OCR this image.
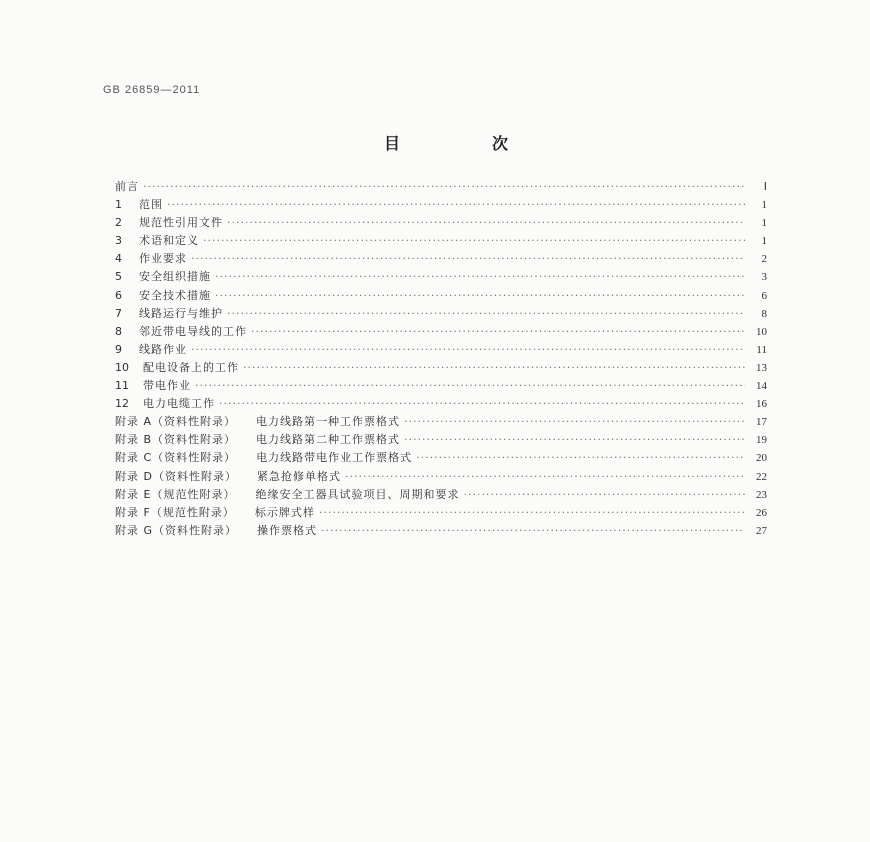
GB 26859—2011
目　次
前言 ·····	Ⅰ
1	范围 ·····	1
2	规范性引用文件 ·····	1
3	术语和定义 ·····	1
4	作业要求 ·····	2
5	安全组织措施 ·····	3
6	安全技术措施 ·····	6
7	线路运行与维护 ·····	8
8	邻近带电导线的工作 ·····	10
9	线路作业 ·····	11
10	配电设备上的工作 ·····	13
11	带电作业 ·····	14
12	电力电缆工作 ·····	16
附录 A（资料性附录） 电力线路第一种工作票格式 ·····	17
附录 B（资料性附录） 电力线路第二种工作票格式 ·····	19
附录 C（资料性附录） 电力线路带电作业工作票格式 ·····	20
附录 D（资料性附录） 紧急抢修单格式 ·····	22
附录 E（规范性附录） 绝缘安全工器具试验项目、周期和要求 ·····	23
附录 F（规范性附录） 标示牌式样 ·····	26
附录 G（资料性附录） 操作票格式 ·····	27
